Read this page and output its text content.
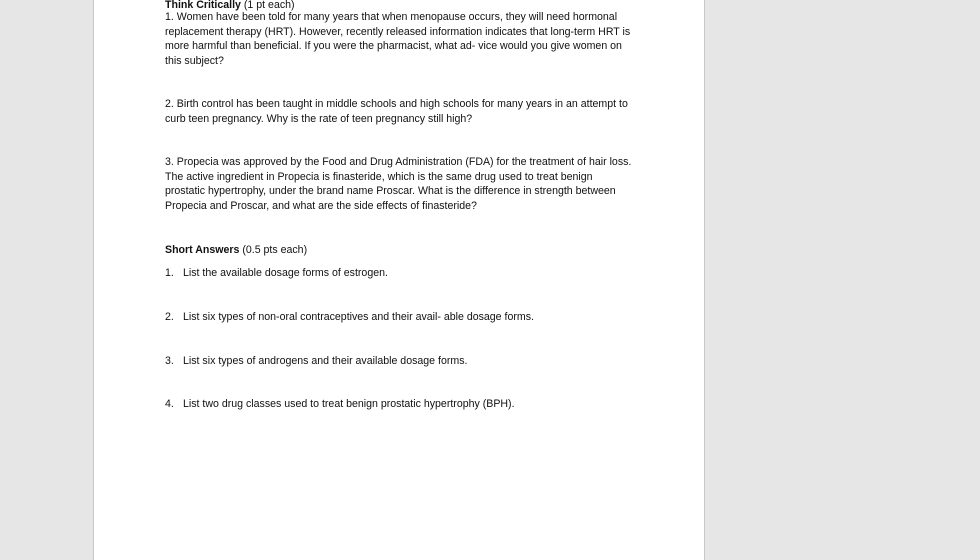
Think Critically (1 pt each)
1. Women have been told for many years that when menopause occurs, they will need hormonal replacement therapy (HRT). However, recently released information indicates that long-term HRT is more harmful than beneficial. If you were the pharmacist, what ad- vice would you give women on this subject?
2. Birth control has been taught in middle schools and high schools for many years in an attempt to curb teen pregnancy. Why is the rate of teen pregnancy still high?
3. Propecia was approved by the Food and Drug Administration (FDA) for the treatment of hair loss. The active ingredient in Propecia is finasteride, which is the same drug used to treat benign prostatic hypertrophy, under the brand name Proscar. What is the difference in strength between Propecia and Proscar, and what are the side effects of finasteride?
Short Answers (0.5 pts each)
1. List the available dosage forms of estrogen.
2. List six types of non-oral contraceptives and their avail- able dosage forms.
3. List six types of androgens and their available dosage forms.
4. List two drug classes used to treat benign prostatic hypertrophy (BPH).
